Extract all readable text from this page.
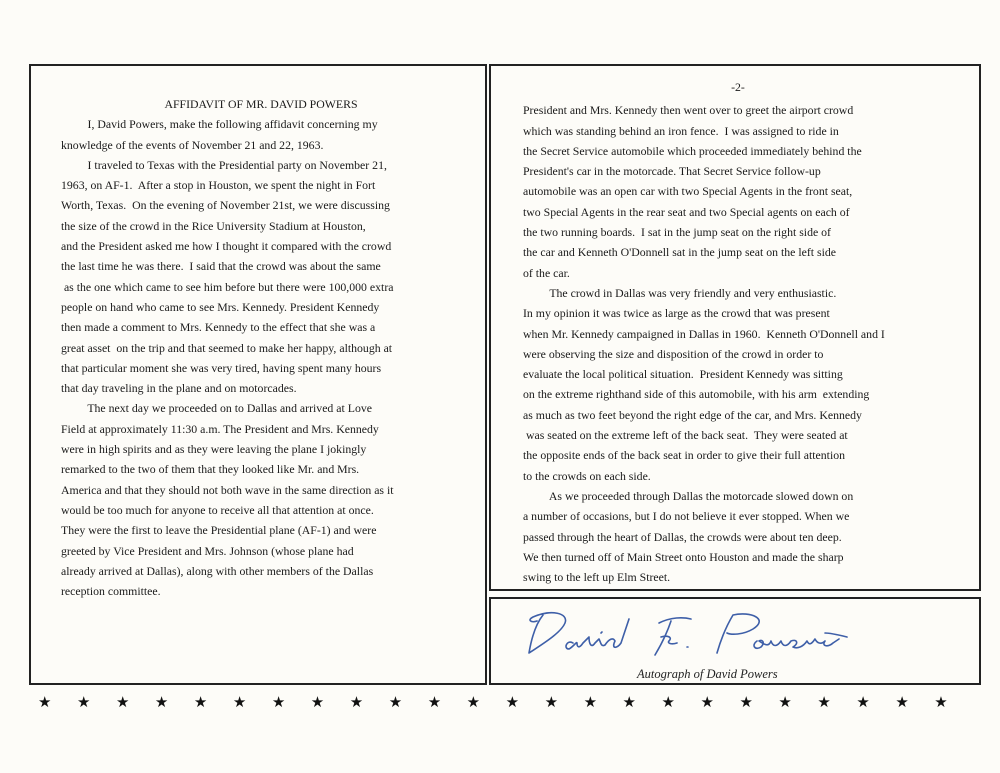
AFFIDAVIT OF MR. DAVID POWERS
I, David Powers, make the following affidavit concerning my
knowledge of the events of November 21 and 22, 1963.
I traveled to Texas with the Presidential party on November 21,
1963, on AF-1.  After a stop in Houston, we spent the night in Fort
Worth, Texas.  On the evening of November 21st, we were discussing
the size of the crowd in the Rice University Stadium at Houston,
and the President asked me how I thought it compared with the crowd
the last time he was there.  I said that the crowd was about the same
as the one which came to see him before but there were 100,000 extra
people on hand who came to see Mrs. Kennedy. President Kennedy
then made a comment to Mrs. Kennedy to the effect that she was a
great asset  on the trip and that seemed to make her happy, although at
that particular moment she was very tired, having spent many hours
that day traveling in the plane and on motorcades.
The next day we proceeded on to Dallas and arrived at Love
Field at approximately 11:30 a.m. The President and Mrs. Kennedy
were in high spirits and as they were leaving the plane I jokingly
remarked to the two of them that they looked like Mr. and Mrs.
America and that they should not both wave in the same direction as it
would be too much for anyone to receive all that attention at once.
They were the first to leave the Presidential plane (AF-1) and were
greeted by Vice President and Mrs. Johnson (whose plane had
already arrived at Dallas), along with other members of the Dallas
reception committee.
-2-
President and Mrs. Kennedy then went over to greet the airport crowd
which was standing behind an iron fence.  I was assigned to ride in
the Secret Service automobile which proceeded immediately behind the
President's car in the motorcade. That Secret Service follow-up
automobile was an open car with two Special Agents in the front seat,
two Special Agents in the rear seat and two Special agents on each of
the two running boards.  I sat in the jump seat on the right side of
the car and Kenneth O'Donnell sat in the jump seat on the left side
of the car.
The crowd in Dallas was very friendly and very enthusiastic.
In my opinion it was twice as large as the crowd that was present
when Mr. Kennedy campaigned in Dallas in 1960.  Kenneth O'Donnell and I
were observing the size and disposition of the crowd in order to
evaluate the local political situation.  President Kennedy was sitting
on the extreme righthand side of this automobile, with his arm  extending
as much as two feet beyond the right edge of the car, and Mrs. Kennedy
was seated on the extreme left of the back seat.  They were seated at
the opposite ends of the back seat in order to give their full attention
to the crowds on each side.
As we proceeded through Dallas the motorcade slowed down on
a number of occasions, but I do not believe it ever stopped. When we
passed through the heart of Dallas, the crowds were about ten deep.
We then turned off of Main Street onto Houston and made the sharp
swing to the left up Elm Street.
Autograph of David Powers
★ ★ ★ ★ ★ ★ ★ ★ ★ ★ ★ ★ ★ ★ ★ ★ ★ ★ ★ ★ ★ ★ ★ ★
